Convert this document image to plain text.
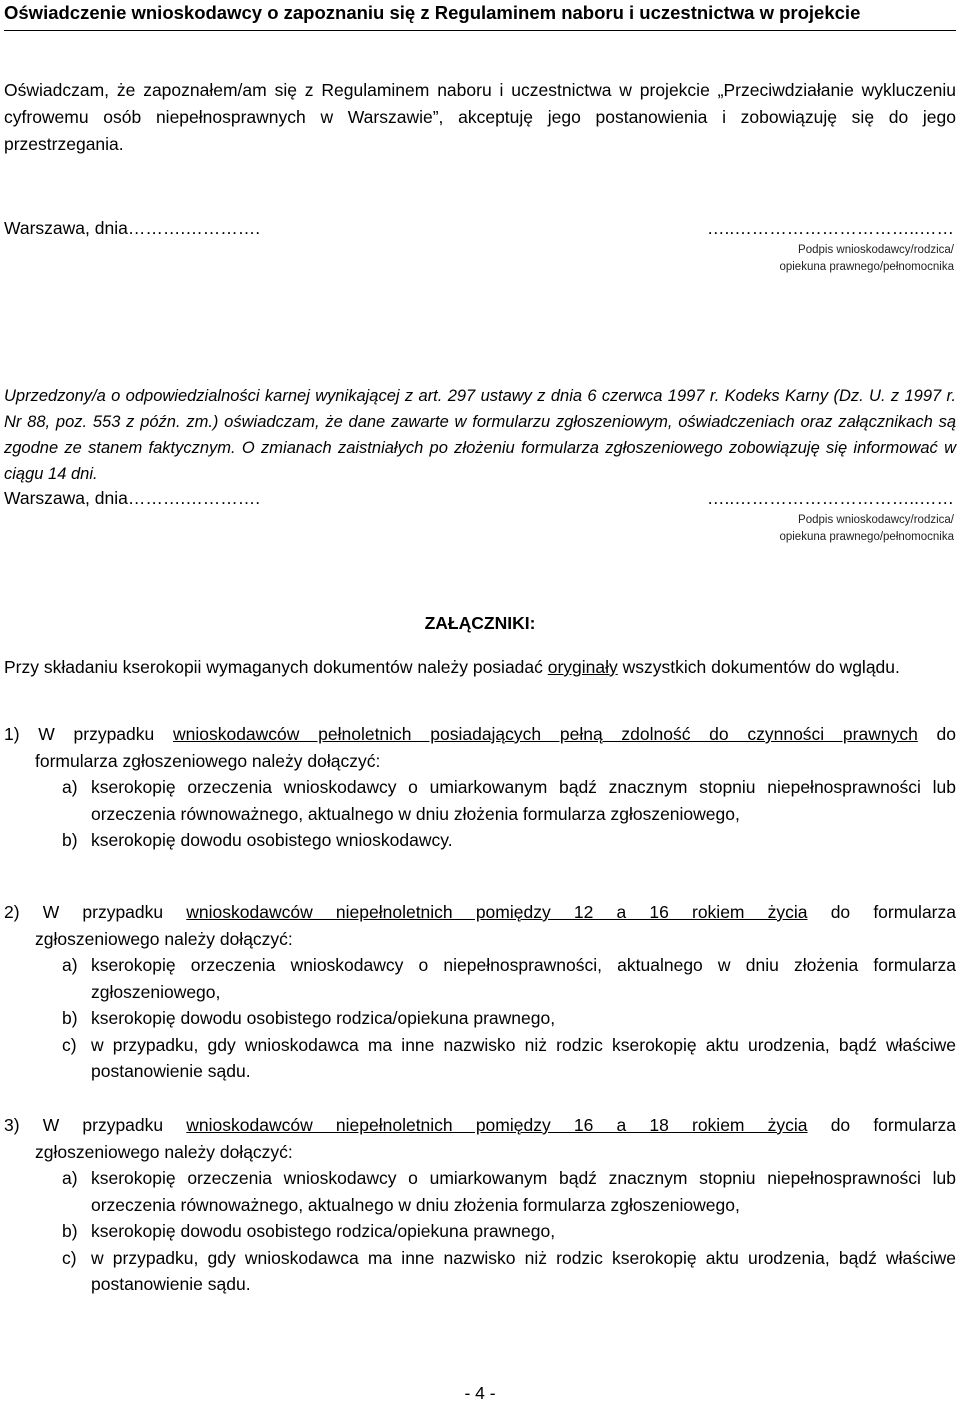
Oświadczenie wnioskodawcy o zapoznaniu się z Regulaminem naboru i uczestnictwa w projekcie
Oświadczam, że zapoznałem/am się z Regulaminem naboru i uczestnictwa w projekcie „Przeciwdziałanie wykluczeniu cyfrowemu osób niepełnosprawnych w Warszawie”, akceptuję jego postanowienia i zobowiązuję się do jego przestrzegania.
Warszawa, dnia……….………….	…..…………………………..……
Podpis wnioskodawcy/rodzica/
opiekuna prawnego/pełnomocnika
Uprzedzony/a o odpowiedzialności karnej wynikającej z art. 297 ustawy z dnia 6 czerwca 1997 r. Kodeks Karny (Dz. U. z 1997 r. Nr 88, poz. 553 z późn. zm.) oświadczam, że dane zawarte w formularzu zgłoszeniowym, oświadczeniach oraz załącznikach są zgodne ze stanem faktycznym. O zmianach zaistniałych po złożeniu formularza zgłoszeniowego zobowiązuję się informować w ciągu 14 dni.
Warszawa, dnia……….………….	…..…………………………..……
Podpis wnioskodawcy/rodzica/
opiekuna prawnego/pełnomocnika
ZAŁĄCZNIKI:
Przy składaniu kserokopii wymaganych dokumentów należy posiadać oryginały wszystkich dokumentów do wglądu.
1) W przypadku wnioskodawców pełnoletnich posiadających pełną zdolność do czynności prawnych do
formularza zgłoszeniowego należy dołączyć:
a) kserokopię orzeczenia wnioskodawcy o umiarkowanym bądź znacznym stopniu niepełnosprawności lub orzeczenia równoważnego, aktualnego w dniu złożenia formularza zgłoszeniowego,
b) kserokopię dowodu osobistego wnioskodawcy.
2) W przypadku wnioskodawców niepełnoletnich pomiędzy 12 a 16 rokiem życia do formularza
zgłoszeniowego należy dołączyć:
a) kserokopię orzeczenia wnioskodawcy o niepełnosprawności, aktualnego w dniu złożenia formularza zgłoszeniowego,
b) kserokopię dowodu osobistego rodzica/opiekuna prawnego,
c) w przypadku, gdy wnioskodawca ma inne nazwisko niż rodzic kserokopię aktu urodzenia, bądź właściwe postanowienie sądu.
3) W przypadku wnioskodawców niepełnoletnich pomiędzy 16 a 18 rokiem życia do formularza
zgłoszeniowego należy dołączyć:
a) kserokopię orzeczenia wnioskodawcy o umiarkowanym bądź znacznym stopniu niepełnosprawności lub orzeczenia równoważnego, aktualnego w dniu złożenia formularza zgłoszeniowego,
b) kserokopię dowodu osobistego rodzica/opiekuna prawnego,
c) w przypadku, gdy wnioskodawca ma inne nazwisko niż rodzic kserokopię aktu urodzenia, bądź właściwe postanowienie sądu.
- 4 -
